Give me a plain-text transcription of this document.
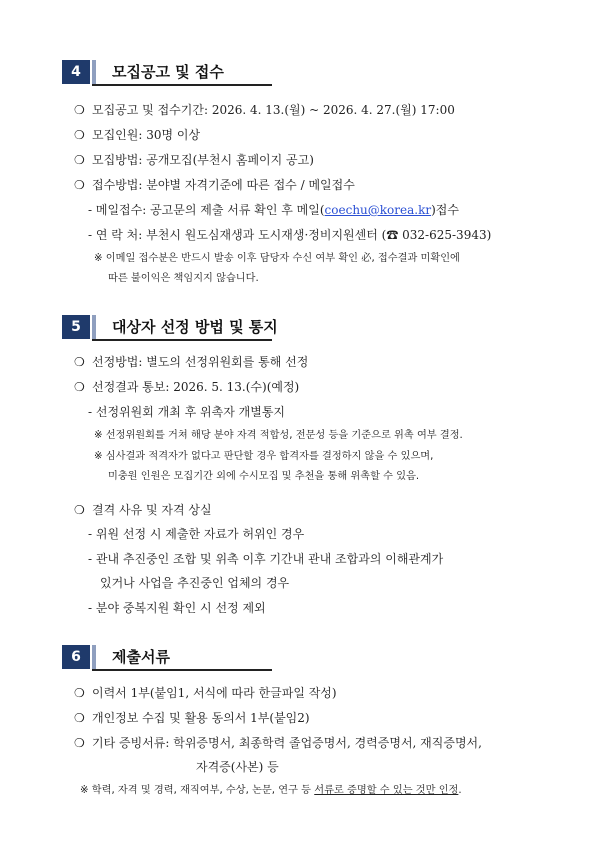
4	모집공고 및 접수
❍ 모집공고 및 접수기간: 2026. 4. 13.(월) ~ 2026. 4. 27.(월) 17:00
❍ 모집인원: 30명 이상
❍ 모집방법: 공개모집(부천시 홈페이지 공고)
❍ 접수방법: 분야별 자격기준에 따른 접수 / 메일접수
- 메일접수: 공고문의 제출 서류 확인 후 메일(coechu@korea.kr)접수
- 연 락 처: 부천시 원도심재생과 도시재생·정비지원센터 (☎ 032-625-3943)
※ 이메일 접수분은 반드시 발송 이후 담당자 수신 여부 확인 必, 접수결과 미확인에
따른 불이익은 책임지지 않습니다.
5	대상자 선정 방법 및 통지
❍ 선정방법: 별도의 선정위원회를 통해 선정
❍ 선정결과 통보: 2026. 5. 13.(수)(예정)
- 선정위원회 개최 후 위촉자 개별통지
※ 선정위원회를 거쳐 해당 분야 자격 적합성, 전문성 등을 기준으로 위촉 여부 결정.
※ 심사결과 적격자가 없다고 판단할 경우 합격자를 결정하지 않을 수 있으며,
미충원 인원은 모집기간 외에 수시모집 및 추천을 통해 위촉할 수 있음.
❍ 결격 사유 및 자격 상실
- 위원 선정 시 제출한 자료가 허위인 경우
- 관내 추진중인 조합 및 위촉 이후 기간내 관내 조합과의 이해관계가
있거나 사업을 추진중인 업체의 경우
- 분야 중복지원 확인 시 선정 제외
6	제출서류
❍ 이력서 1부(붙임1, 서식에 따라 한글파일 작성)
❍ 개인정보 수집 및 활용 동의서 1부(붙임2)
❍ 기타 증빙서류: 학위증명서, 최종학력 졸업증명서, 경력증명서, 재직증명서,
자격증(사본) 등
※ 학력, 자격 및 경력, 재직여부, 수상, 논문, 연구 등 서류로 증명할 수 있는 것만 인정.
